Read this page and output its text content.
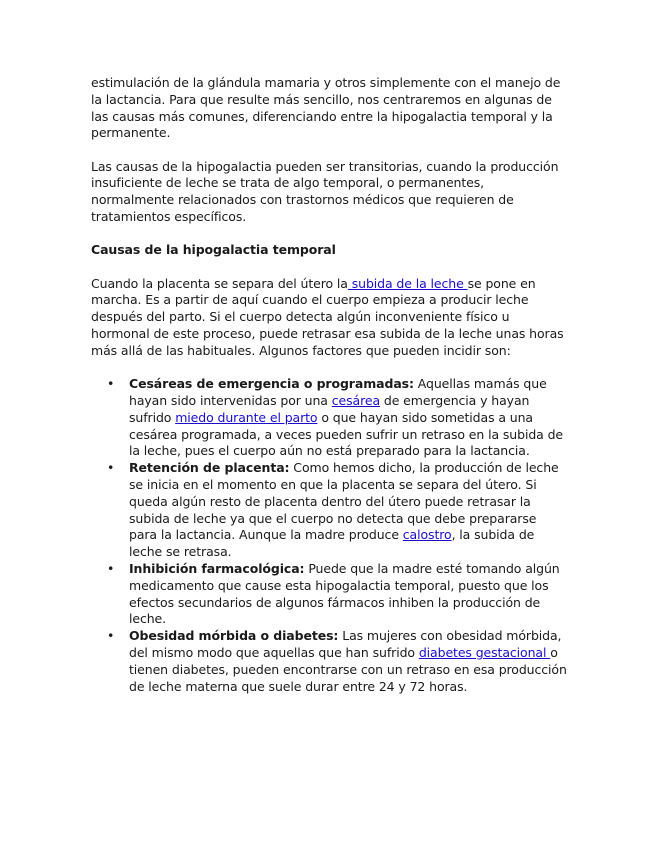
estimulación de la glándula mamaria y otros simplemente con el manejo de la lactancia. Para que resulte más sencillo, nos centraremos en algunas de las causas más comunes, diferenciando entre la hipogalactia temporal y la permanente.

Las causas de la hipogalactia pueden ser transitorias, cuando la producción insuficiente de leche se trata de algo temporal, o permanentes, normalmente relacionados con trastornos médicos que requieren de tratamientos específicos.

Causas de la hipogalactia temporal

Cuando la placenta se separa del útero la subida de la leche se pone en marcha. Es a partir de aquí cuando el cuerpo empieza a producir leche después del parto. Si el cuerpo detecta algún inconveniente físico u hormonal de este proceso, puede retrasar esa subida de la leche unas horas más allá de las habituales. Algunos factores que pueden incidir son:

• Cesáreas de emergencia o programadas: Aquellas mamás que hayan sido intervenidas por una cesárea de emergencia y hayan sufrido miedo durante el parto o que hayan sido sometidas a una cesárea programada, a veces pueden sufrir un retraso en la subida de la leche, pues el cuerpo aún no está preparado para la lactancia.
• Retención de placenta: Como hemos dicho, la producción de leche se inicia en el momento en que la placenta se separa del útero. Si queda algún resto de placenta dentro del útero puede retrasar la subida de leche ya que el cuerpo no detecta que debe prepararse para la lactancia. Aunque la madre produce calostro, la subida de leche se retrasa.
• Inhibición farmacológica: Puede que la madre esté tomando algún medicamento que cause esta hipogalactia temporal, puesto que los efectos secundarios de algunos fármacos inhiben la producción de leche.
• Obesidad mórbida o diabetes: Las mujeres con obesidad mórbida, del mismo modo que aquellas que han sufrido diabetes gestacional o tienen diabetes, pueden encontrarse con un retraso en esa producción de leche materna que suele durar entre 24 y 72 horas.
